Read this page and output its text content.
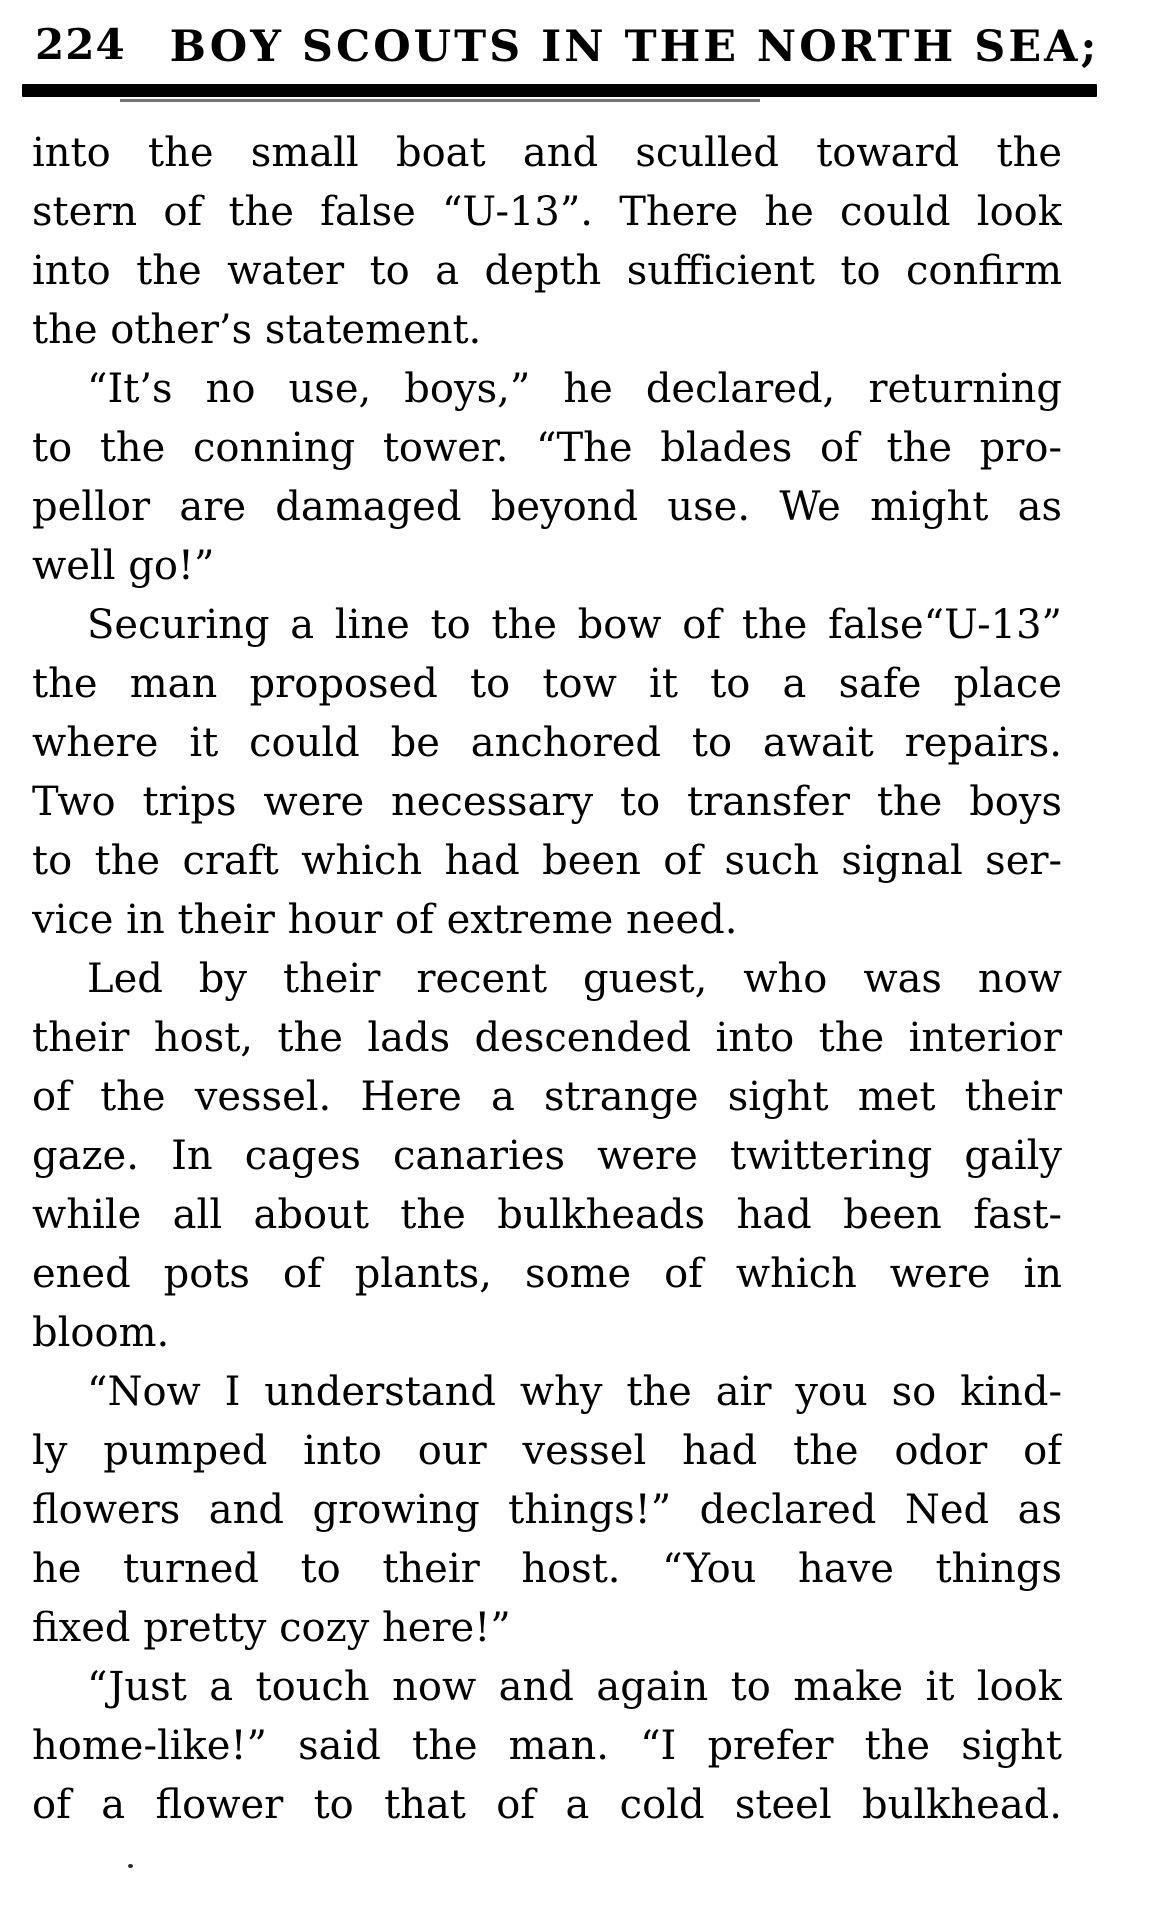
224 BOY SCOUTS IN THE NORTH SEA;
into the small boat and sculled toward the
stern of the false “U-13”. There he could look
into the water to a depth sufficient to confirm
the other’s statement.
“It’s no use, boys,” he declared, returning
to the conning tower. “The blades of the pro-
pellor are damaged beyond use. We might as
well go!”
Securing a line to the bow of the false“U-13”
the man proposed to tow it to a safe place
where it could be anchored to await repairs.
Two trips were necessary to transfer the boys
to the craft which had been of such signal ser-
vice in their hour of extreme need.
Led by their recent guest, who was now
their host, the lads descended into the interior
of the vessel. Here a strange sight met their
gaze. In cages canaries were twittering gaily
while all about the bulkheads had been fast-
ened pots of plants, some of which were in
bloom.
“Now I understand why the air you so kind-
ly pumped into our vessel had the odor of
flowers and growing things!” declared Ned as
he turned to their host. “You have things
fixed pretty cozy here!”
“Just a touch now and again to make it look
home-like!” said the man. “I prefer the sight
of a flower to that of a cold steel bulkhead.
